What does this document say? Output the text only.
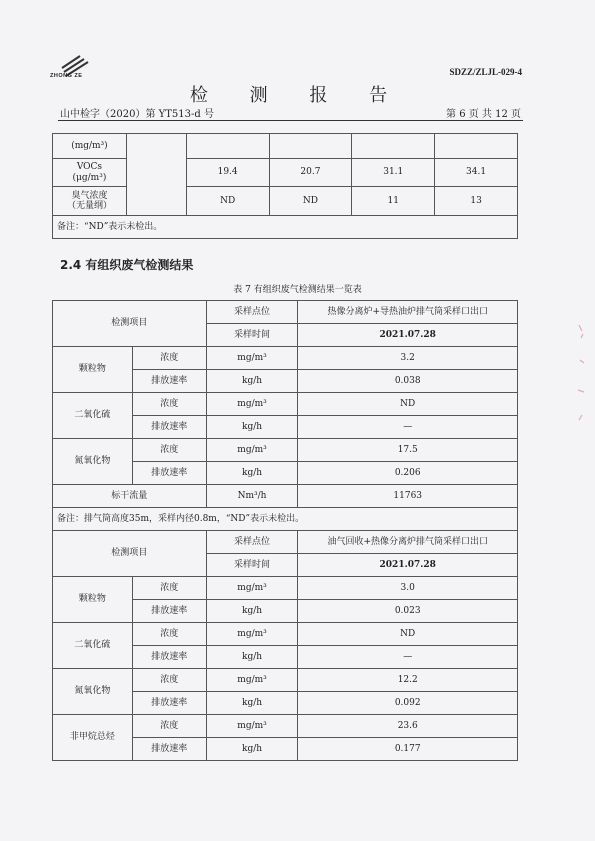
ZHONG ZE	SDZZ/ZLJL-029-4
检 测 报 告
山中检字（2020）第 YT513-d 号	第 6 页 共 12 页
(mg/m³)					
VOCs
(μg/m³)		19.4	20.7	31.1	34.1
臭气浓度
（无量纲）		ND	ND	11	13
备注：“ND”表示未检出。					
2.4 有组织废气检测结果
表 7 有组织废气检测结果一览表
检测项目		采样点位	热像分离炉+导热油炉排气筒采样口出口
		采样时间	2021.07.28
颗粒物	浓度	mg/m³	3.2
	排放速率	kg/h	0.038
二氧化硫	浓度	mg/m³	ND
	排放速率	kg/h	—
氮氧化物	浓度	mg/m³	17.5
	排放速率	kg/h	0.206
标干流量		Nm³/h	11763
备注：排气筒高度35m，采样内径0.8m，“ND”表示未检出。			
检测项目		采样点位	油气回收+热像分离炉排气筒采样口出口
		采样时间	2021.07.28
颗粒物	浓度	mg/m³	3.0
	排放速率	kg/h	0.023
二氧化硫	浓度	mg/m³	ND
	排放速率	kg/h	—
氮氧化物	浓度	mg/m³	12.2
	排放速率	kg/h	0.092
非甲烷总烃	浓度	mg/m³	23.6
	排放速率	kg/h	0.177
